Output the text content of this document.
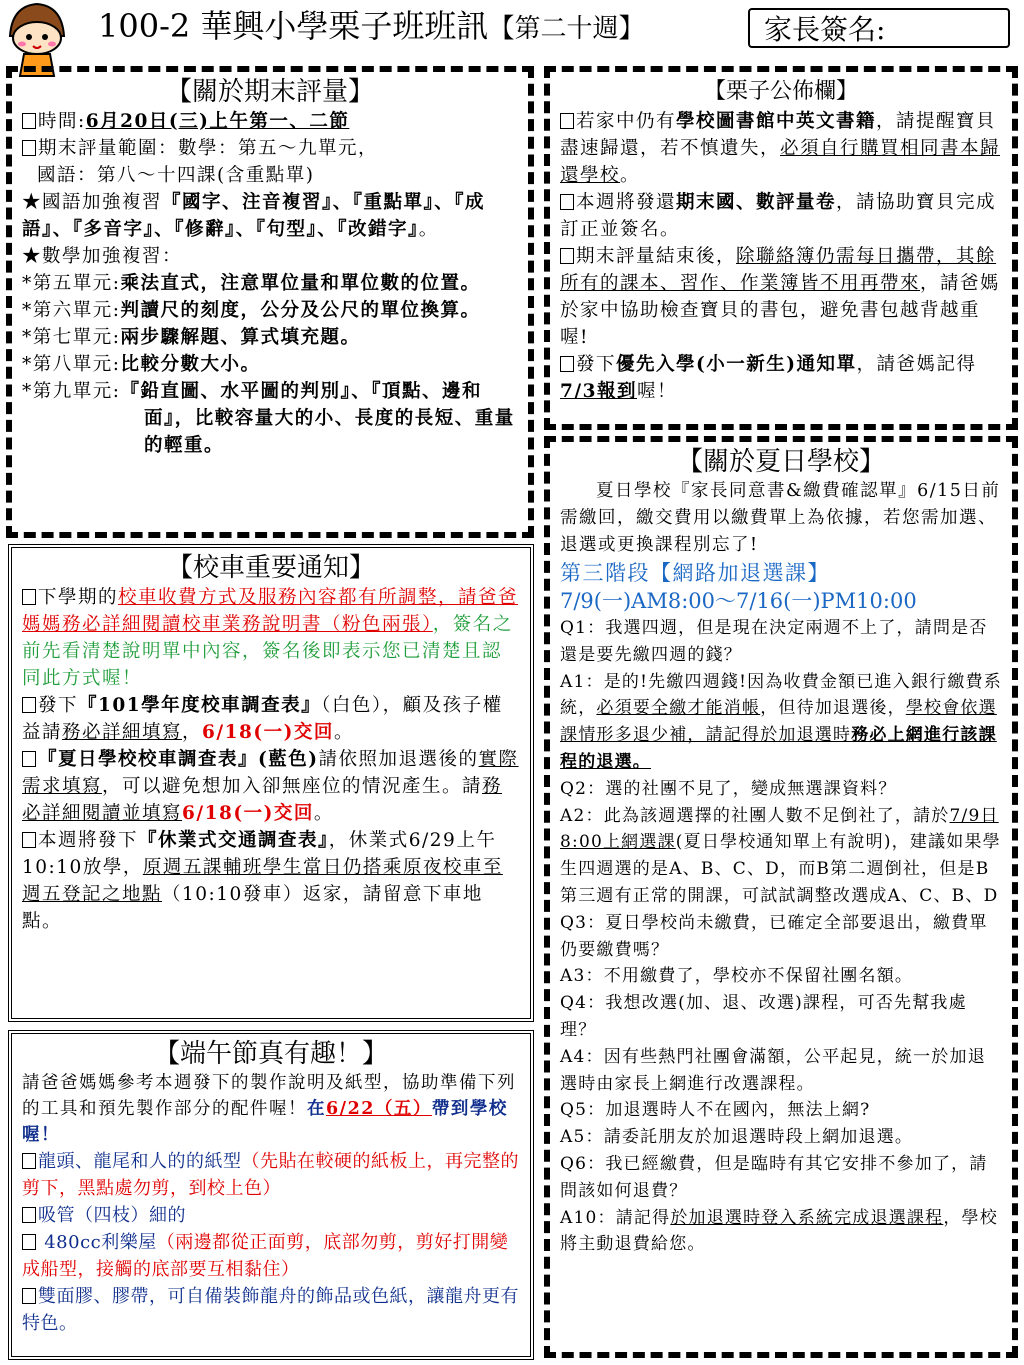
100-2 華興小學栗子班班訊【第二十週】	家長簽名:
【關於期末評量】

時間:6月20日(三)上午第一、二節

期末評量範圍：數學：第五～九單元，

國語：第八～十四課(含重點單)

★國語加強複習『國字、注音複習』、『重點單』、『成語』、『多音字』、『修辭』、『句型』、『改錯字』。

★數學加強複習：

*第五單元:乘法直式，注意單位量和單位數的位置。

*第六單元:判讀尺的刻度，公分及公尺的單位換算。

*第七單元:兩步驟解題、算式填充題。

*第八單元:比較分數大小。

*第九單元:『鉛直圖、水平圖的判別』、『頂點、邊和面』，比較容量大的小、長度的長短、重量的輕重。

【栗子公佈欄】

若家中仍有學校圖書館中英文書籍，請提醒寶貝盡速歸還，若不慎遺失，必須自行購買相同書本歸還學校。

本週將發還期末國、數評量卷，請協助寶貝完成訂正並簽名。

期末評量結束後，除聯絡簿仍需每日攜帶，其餘所有的課本、習作、作業簿皆不用再帶來，請爸媽於家中協助檢查寶貝的書包，避免書包越背越重喔!

發下優先入學(小一新生)通知單，請爸媽記得7/3報到喔！

【關於夏日學校】

夏日學校『家長同意書&繳費確認單』6/15日前需繳回，繳交費用以繳費單上為依據，若您需加選、退選或更換課程別忘了!

第三階段【網路加退選課】

7/9(一)AM8:00～7/16(一)PM10:00

Q1：我選四週，但是現在決定兩週不上了，請問是否還是要先繳四週的錢？
A1：是的!先繳四週錢!因為收費金額已進入銀行繳費系統，必須要全繳才能消帳，但待加退選後，學校會依選課情形多退少補，請記得於加退選時務必上網進行該課程的退選。
Q2：選的社團不見了，變成無選課資料？
A2：此為該週選擇的社團人數不足倒社了，請於7/9日8:00上網選課(夏日學校通知單上有說明)，建議如果學生四週選的是A、B、C、D，而B第二週倒社，但是B第三週有正常的開課，可試試調整改選成A、C、B、D
Q3：夏日學校尚未繳費，已確定全部要退出，繳費單仍要繳費嗎？
A3：不用繳費了，學校亦不保留社團名額。
Q4：我想改選(加、退、改選)課程，可否先幫我處理？
A4：因有些熱門社團會滿額，公平起見，統一於加退選時由家長上網進行改選課程。
Q5：加退選時人不在國內，無法上網?
A5：請委託朋友於加退選時段上網加退選。
Q6：我已經繳費，但是臨時有其它安排不參加了，請問該如何退費？
A10：請記得於加退選時登入系統完成退選課程，學校將主動退費給您。
【校車重要通知】

下學期的校車收費方式及服務內容都有所調整，請爸爸媽媽務必詳細閱讀校車業務說明書（粉色兩張），簽名之前先看清楚說明單中內容，簽名後即表示您已清楚且認同此方式喔！

發下『101學年度校車調查表』（白色），顧及孩子權益請務必詳細填寫，6/18(一)交回。

『夏日學校校車調查表』(藍色)請依照加退選後的實際需求填寫，可以避免想加入卻無座位的情況產生。請務必詳細閱讀並填寫6/18(一)交回。

本週將發下『休業式交通調查表』，休業式6/29上午10:10放學，原週五課輔班學生當日仍搭乘原夜校車至週五登記之地點（10:10發車）返家，請留意下車地點。

【端午節真有趣！】

請爸爸媽媽參考本週發下的製作說明及紙型，協助準備下列的工具和預先製作部分的配件喔！在6/22（五）帶到學校喔！

龍頭、龍尾和人的的紙型（先貼在較硬的紙板上，再完整的剪下，黑點處勿剪，到校上色）

吸管（四枝）細的

480cc利樂屋（兩邊都從正面剪，底部勿剪，剪好打開變成船型，接觸的底部要互相黏住）

雙面膠、膠帶，可自備裝飾龍舟的飾品或色紙，讓龍舟更有特色。
